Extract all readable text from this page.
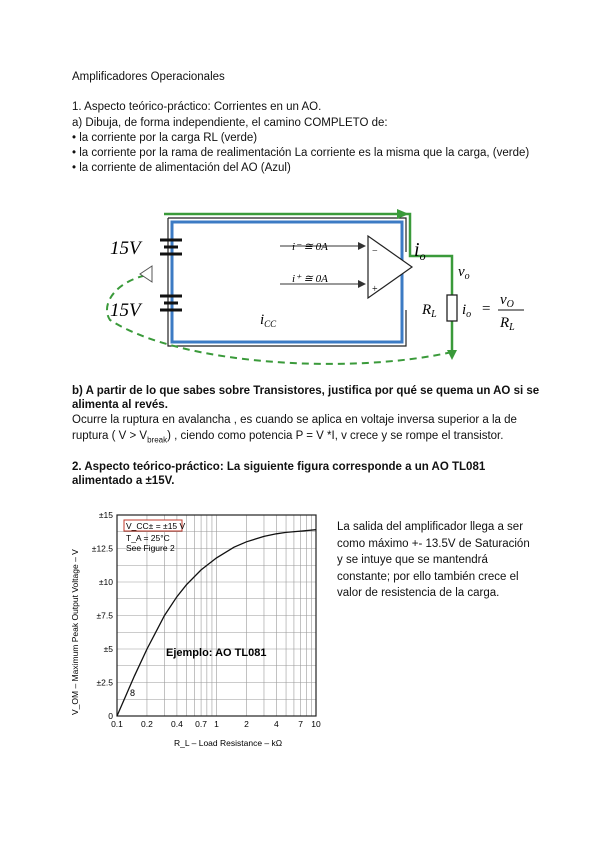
Amplificadores Operacionales
1. Aspecto teórico-práctico: Corrientes en un AO.
a) Dibuja, de forma independiente, el camino COMPLETO de:
• la corriente por la carga RL (verde)
• la corriente por la rama de realimentación La corriente es la misma que la carga, (verde)
• la corriente de alimentación del AO (Azul)
15V
15V
−
+
i⁻ ≅ 0A
i⁺ ≅ 0A
$i_o$
$v_o$
$R_L$ $i_o$ =
$v_O$
$R_L$
$i_{CC}$
b) A partir de lo que sabes sobre Transistores, justifica por qué se quema un AO si se
alimenta al revés.
Ocurre la ruptura en avalancha , es cuando se aplica en voltaje inversa superior a la de
ruptura ( $V > V_{break}$) , ciendo como potencia P = V *I, v crece y se rompe el transistor.
2. Aspecto teórico-práctico: La siguiente figura corresponde a un AO TL081
alimentado a ±15V.
0.1 0.2 0.4 0.7 1	2	4 7 10
0
±2.5
±5
±7.5
±10
±12.5
±15
V_CC± = ±15 V
T_A = 25°C
See Figure 2
Ejemplo: AO TL081
8
R_L – Load Resistance – kΩ
V_OM – Maximum Peak Output Voltage – V
La salida del amplificador llega a ser como máximo +- 13.5V de Saturación y se intuye que se mantendrá constante; por ello también crece el valor de resistencia de la carga.
